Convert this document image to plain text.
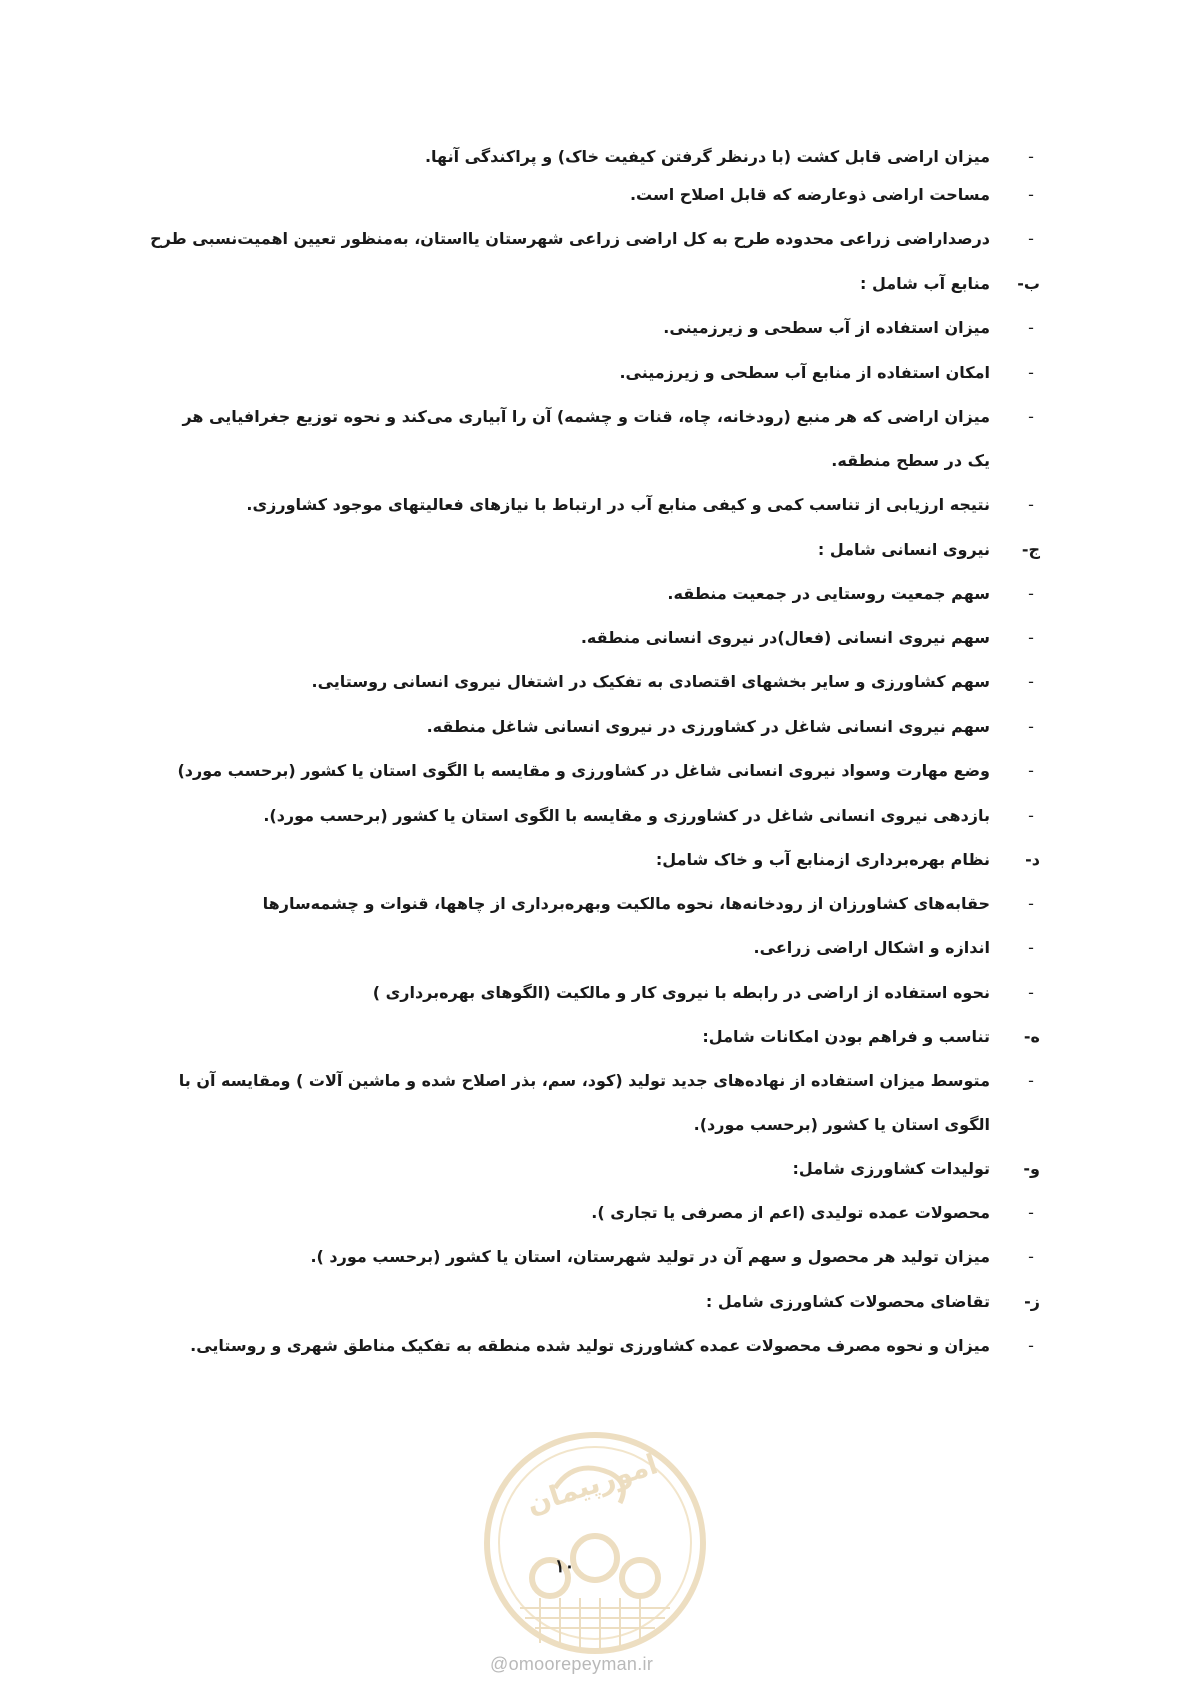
-
میزان اراضی قابل کشت (با درنظر گرفتن کیفیت خاک) و پراکندگی آنها.
-
مساحت اراضی ذوعارضه که قابل اصلاح است.
-
درصداراضی زراعی محدوده طرح به کل اراضی زراعی شهرستان یااستان، به‌منظور تعیین اهمیت‌نسبی طرح
ب-
منابع آب شامل :
-
میزان استفاده از آب سطحی و زیرزمینی.
-
امکان استفاده از منابع آب سطحی و زیرزمینی.
-
میزان اراضی که هر منبع (رودخانه، چاه، قنات و چشمه) آن را آبیاری می‌کند و نحوه توزیع جغرافیایی هر
یک در سطح منطقه.
-
نتیجه ارزیابی از تناسب کمی و کیفی منابع آب در ارتباط با نیازهای فعالیتهای موجود کشاورزی.
ج-
نیروی انسانی شامل :
-
سهم جمعیت روستایی در جمعیت منطقه.
-
سهم نیروی انسانی (فعال)در نیروی انسانی منطقه.
-
سهم کشاورزی و سایر بخشهای اقتصادی به تفکیک در اشتغال نیروی انسانی روستایی.
-
سهم نیروی انسانی شاغل در کشاورزی در نیروی انسانی شاغل منطقه.
-
وضع مهارت وسواد نیروی انسانی شاغل در کشاورزی و مقایسه با الگوی استان یا کشور (برحسب مورد)
-
بازدهی نیروی انسانی شاغل در کشاورزی و مقایسه با الگوی استان یا کشور (برحسب مورد).
د-
نظام بهره‌برداری ازمنابع آب و خاک شامل:
-
حقابه‌های کشاورزان از رودخانه‌ها، نحوه مالکیت وبهره‌برداری از چاهها، قنوات و چشمه‌سارها
-
اندازه و اشکال اراضی زراعی.
-
نحوه استفاده از اراضی در رابطه با نیروی کار و مالکیت (الگوهای بهره‌برداری )
ه-
تناسب و فراهم بودن امکانات شامل:
-
متوسط میزان استفاده از نهاده‌های جدید تولید (کود، سم، بذر اصلاح شده و ماشین آلات ) ومقایسه آن با
الگوی استان یا کشور (برحسب مورد).
و-
تولیدات کشاورزی شامل:
-
محصولات عمده تولیدی (اعم از مصرفی یا تجاری ).
-
میزان تولید هر محصول و سهم آن در تولید شهرستان، استان یا کشور (برحسب مورد ).
ز-
تقاضای محصولات کشاورزی شامل :
-
میزان و نحوه مصرف محصولات عمده کشاورزی تولید شده منطقه به تفکیک مناطق شهری و روستایی.
امورپیمان
۱۰
@omoorepeyman.ir
